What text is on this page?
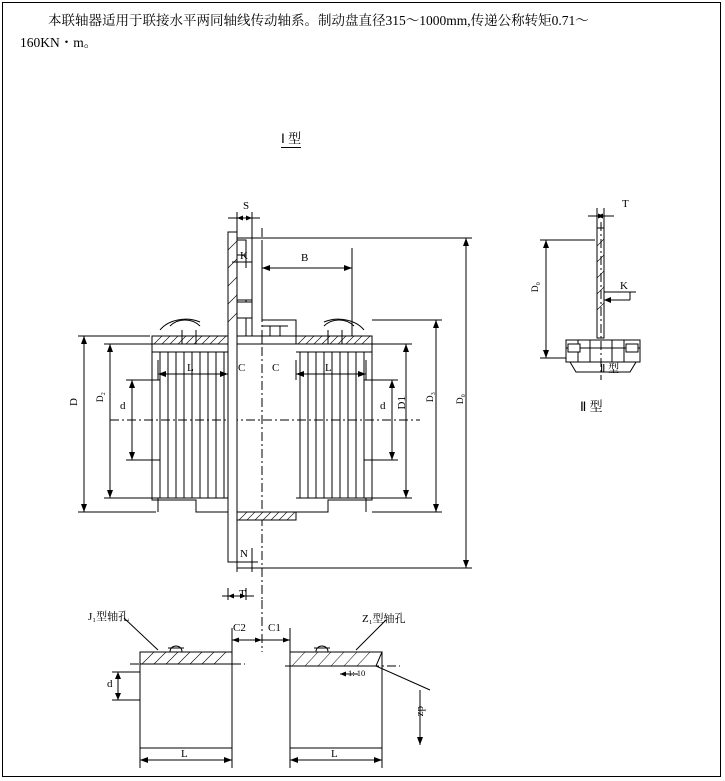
本联轴器适用于联接水平两同轴线传动轴系。制动盘直径315～1000mm,传递公称转矩0.71～
160KN・m。
Ⅰ 型
Ⅱ 型
S
K	B
D D₂
d	d D1 D₃ D₀
L	L
C C
N
T
T
K
D₀
Ⅱ 型
J₁型轴孔	Z₁型轴孔
C2 C1
d
1: 10
zp
L	L
